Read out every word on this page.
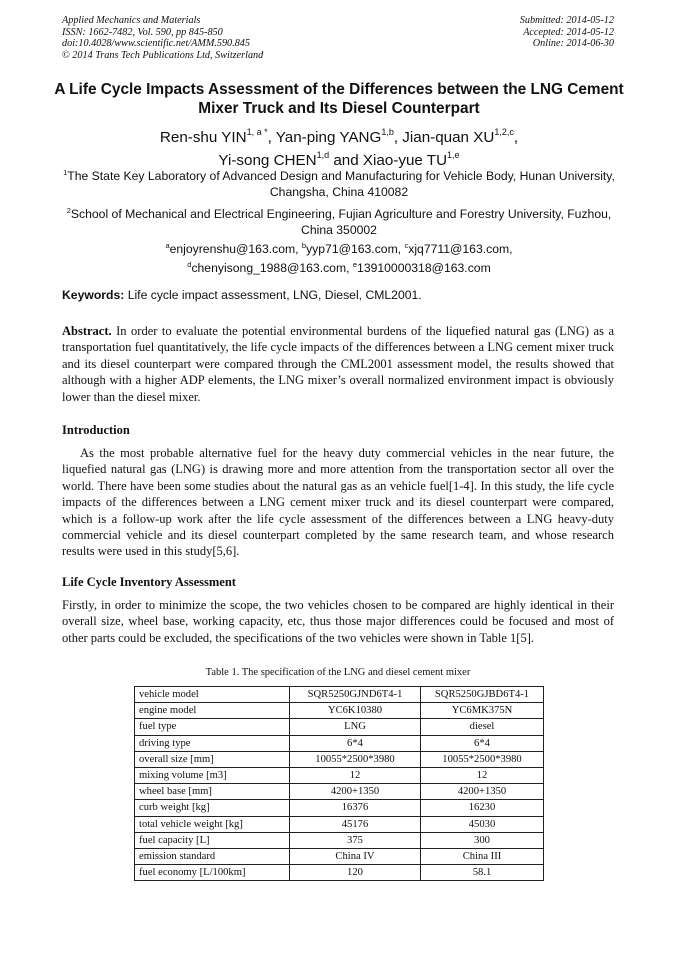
Applied Mechanics and Materials
ISSN: 1662-7482, Vol. 590, pp 845-850
doi:10.4028/www.scientific.net/AMM.590.845
© 2014 Trans Tech Publications Ltd, Switzerland
Submitted: 2014-05-12
Accepted: 2014-05-12
Online: 2014-06-30
A Life Cycle Impacts Assessment of the Differences between the LNG Cement Mixer Truck and Its Diesel Counterpart
Ren-shu $YIN^{1, a *}$, Yan-ping YANG$^{1,b}$, Jian-quan XU$^{1,2,c}$,
Yi-song CHEN$^{1,d}$ and Xiao-yue TU$^{1,e}$
$^1$The State Key Laboratory of Advanced Design and Manufacturing for Vehicle Body, Hunan University, Changsha, China 410082
$^2$School of Mechanical and Electrical Engineering, Fujian Agriculture and Forestry University, Fuzhou, China 350002
$^a$enjoyrenshu@163.com, $^b$yyp71@163.com, $^c$xjq7711@163.com,
$^d$chenyisong_1988@163.com, $^e$13910000318@163.com
Keywords: Life cycle impact assessment, LNG, Diesel, CML2001.
Abstract. In order to evaluate the potential environmental burdens of the liquefied natural gas (LNG) as a transportation fuel quantitatively, the life cycle impacts of the differences between a LNG cement mixer truck and its diesel counterpart were compared through the CML2001 assessment model, the results showed that although with a higher ADP elements, the LNG mixer’s overall normalized environment impact is obviously lower than the diesel mixer.
Introduction
As the most probable alternative fuel for the heavy duty commercial vehicles in the near future, the liquefied natural gas (LNG) is drawing more and more attention from the transportation sector all over the world. There have been some studies about the natural gas as an vehicle fuel[1-4]. In this study, the life cycle impacts of the differences between a LNG cement mixer truck and its diesel counterpart were compared, which is a follow-up work after the life cycle assessment of the differences between a LNG heavy-duty commercial vehicle and its diesel counterpart completed by the same research team, and whose research results were used in this study[5,6].
Life Cycle Inventory Assessment
Firstly, in order to minimize the scope, the two vehicles chosen to be compared are highly identical in their overall size, wheel base, working capacity, etc, thus those major differences could be focused and most of other parts could be excluded, the specifications of the two vehicles were shown in Table 1[5].
Table 1. The specification of the LNG and diesel cement mixer
vehicle model	SQR5250GJND6T4-1	SQR5250GJBD6T4-1
engine model	YC6K10380	YC6MK375N
fuel type	LNG	diesel
driving type	6*4	6*4
overall size [mm]	10055*2500*3980	10055*2500*3980
mixing volume [m3]	12	12
wheel base [mm]	4200+1350	4200+1350
curb weight [kg]	16376	16230
total vehicle weight [kg]	45176	45030
fuel capacity [L]	375	300
emission standard	China IV	China III
fuel economy [L/100km]	120	58.1
